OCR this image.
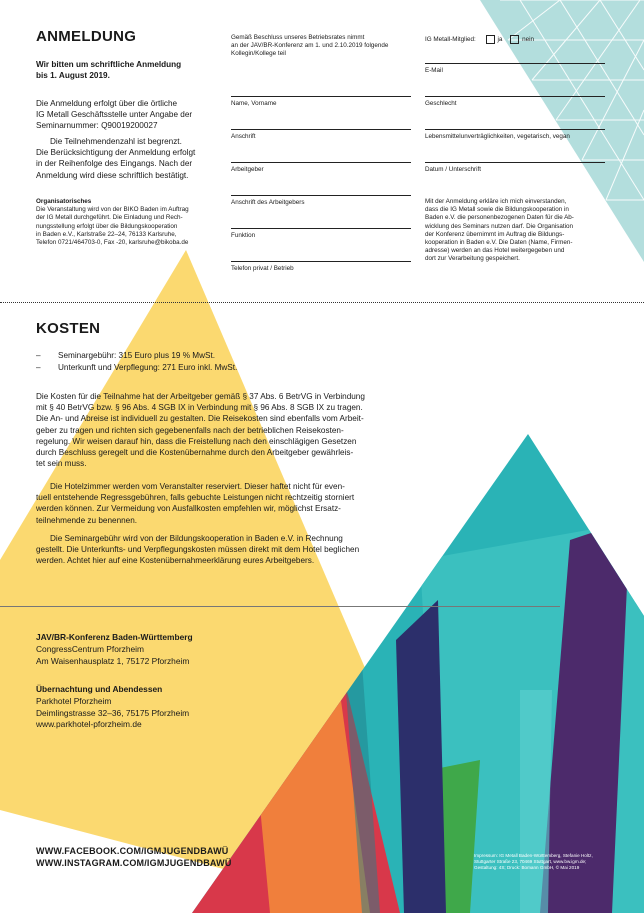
ANMELDUNG

Wir bitten um schriftliche Anmeldung

bis 1. August 2019.

Die Anmeldung erfolgt über die örtliche

IG Metall Geschäftsstelle unter Angabe der

Seminarnummer: Q90019200027

Die Teilnehmendenzahl ist begrenzt.

Die Berücksichtigung der Anmeldung erfolgt

in der Reihenfolge des Eingangs. Nach der

Anmeldung wird diese schriftlich bestätigt.

Organisatorisches

Die Veranstaltung wird von der BIKO Baden im Auftrag

der IG Metall durchgeführt. Die Einladung und Rech-

nungsstellung erfolgt über die Bildungskooperation

in Baden e.V., Karlstraße 22–24, 76133 Karlsruhe,

Telefon 0721/464703-0, Fax -20, karlsruhe@bikoba.de

Gemäß Beschluss unseres Betriebsrates nimmt

an der JAV/BR-Konferenz am 1. und 2.10.2019 folgende

Kollegin/Kollege teil

Name, Vorname
Anschrift
Arbeitgeber
Anschrift des Arbeitgebers
Funktion
Telefon privat / Betrieb
IG Metall-Mitglied:	ja	nein
E-Mail
Geschlecht
Lebensmittelunverträglichkeiten, vegetarisch, vegan
Datum / Unterschrift

Mit der Anmeldung erkläre ich mich einverstanden,

dass die IG Metall sowie die Bildungskooperation in

Baden e.V. die personenbezogenen Daten für die Ab-

wicklung des Seminars nutzen darf. Die Organisation

der Konferenz übernimmt im Auftrag die Bildungs-

kooperation in Baden e.V. Die Daten (Name, Firmen-

adresse) werden an das Hotel weitergegeben und

dort zur Verarbeitung gespeichert.

KOSTEN
– Seminargebühr: 315 Euro plus 19 % MwSt.
– Unterkunft und Verpflegung: 271 Euro inkl. MwSt.

Die Kosten für die Teilnahme hat der Arbeitgeber gemäß § 37 Abs. 6 BetrVG in Verbindung

mit § 40 BetrVG bzw. § 96 Abs. 4 SGB IX in Verbindung mit § 96 Abs. 8 SGB IX zu tragen.

Die An- und Abreise ist individuell zu gestalten. Die Reisekosten sind ebenfalls vom Arbeit-

geber zu tragen und richten sich gegebenenfalls nach der betrieblichen Reisekosten-

regelung. Wir weisen darauf hin, dass die Freistellung nach den einschlägigen Gesetzen

durch Beschluss geregelt und die Kostenübernahme durch den Arbeitgeber gewährleis-

tet sein muss.

Die Hotelzimmer werden vom Veranstalter reserviert. Dieser haftet nicht für even-

tuell entstehende Regressgebühren, falls gebuchte Leistungen nicht rechtzeitig storniert

werden können. Zur Vermeidung von Ausfallkosten empfehlen wir, möglichst Ersatz-

teilnehmende zu benennen.

Die Seminargebühr wird von der Bildungskooperation in Baden e.V. in Rechnung

gestellt. Die Unterkunfts- und Verpflegungskosten müssen direkt mit dem Hotel beglichen

werden. Achtet hier auf eine Kostenübernahmeerklärung eures Arbeitgebers.

JAV/BR-Konferenz Baden-Württemberg

CongressCentrum Pforzheim

Am Waisenhausplatz 1, 75172 Pforzheim

Übernachtung und Abendessen

Parkhotel Pforzheim

Deimlingstrasse 32–36, 75175 Pforzheim

www.parkhotel-pforzheim.de

WWW.FACEBOOK.COM/IGMJUGENDBAWÜ

WWW.INSTAGRAM.COM/IGMJUGENDBAWÜ

Impressum: IG Metall Baden-Württemberg, Stefanie Holtz,
Stuttgarter Straße 23, 70469 Stuttgart, www.bw.igm.de;
Gestaltung: 4S; Druck: Bomann GmbH, © Mai 2019
